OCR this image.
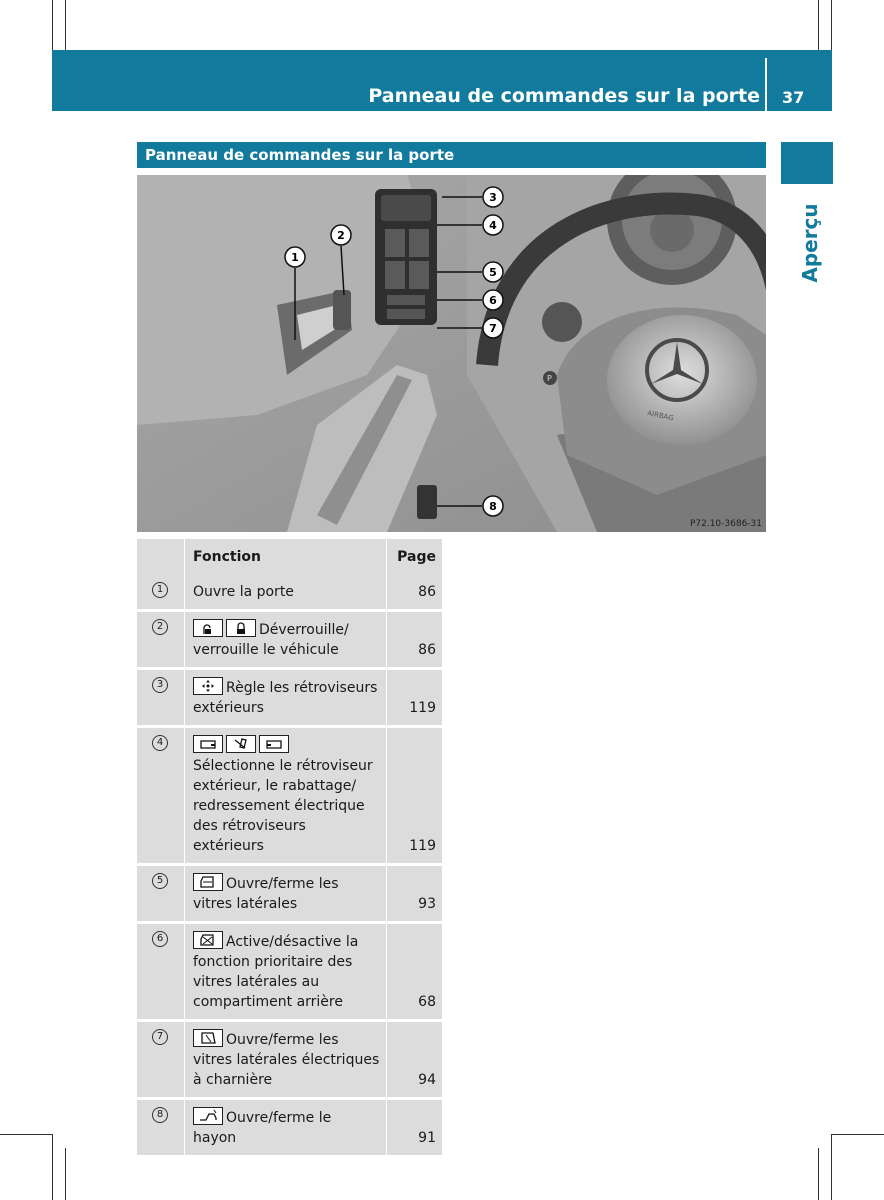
Panneau de commandes sur la porte 37
Panneau de commandes sur la porte
Aperçu
AIRBAG
P
1
2
3
4
5
6
7
8
P72.10-3686-31
Fonction	Page
1	Ouvre la porte	86
2	Déverrouille/
verrouille le véhicule	86
3	Règle les rétroviseurs
extérieurs	119
4
Sélectionne le rétroviseur
extérieur, le rabattage/
redressement électrique
des rétroviseurs extérieurs	119
5	Ouvre/ferme les
vitres latérales	93
6	Active/désactive la
fonction prioritaire des
vitres latérales au
compartiment arrière	68
7	Ouvre/ferme les
vitres latérales électriques
à charnière	94
8	Ouvre/ferme le
hayon	91
